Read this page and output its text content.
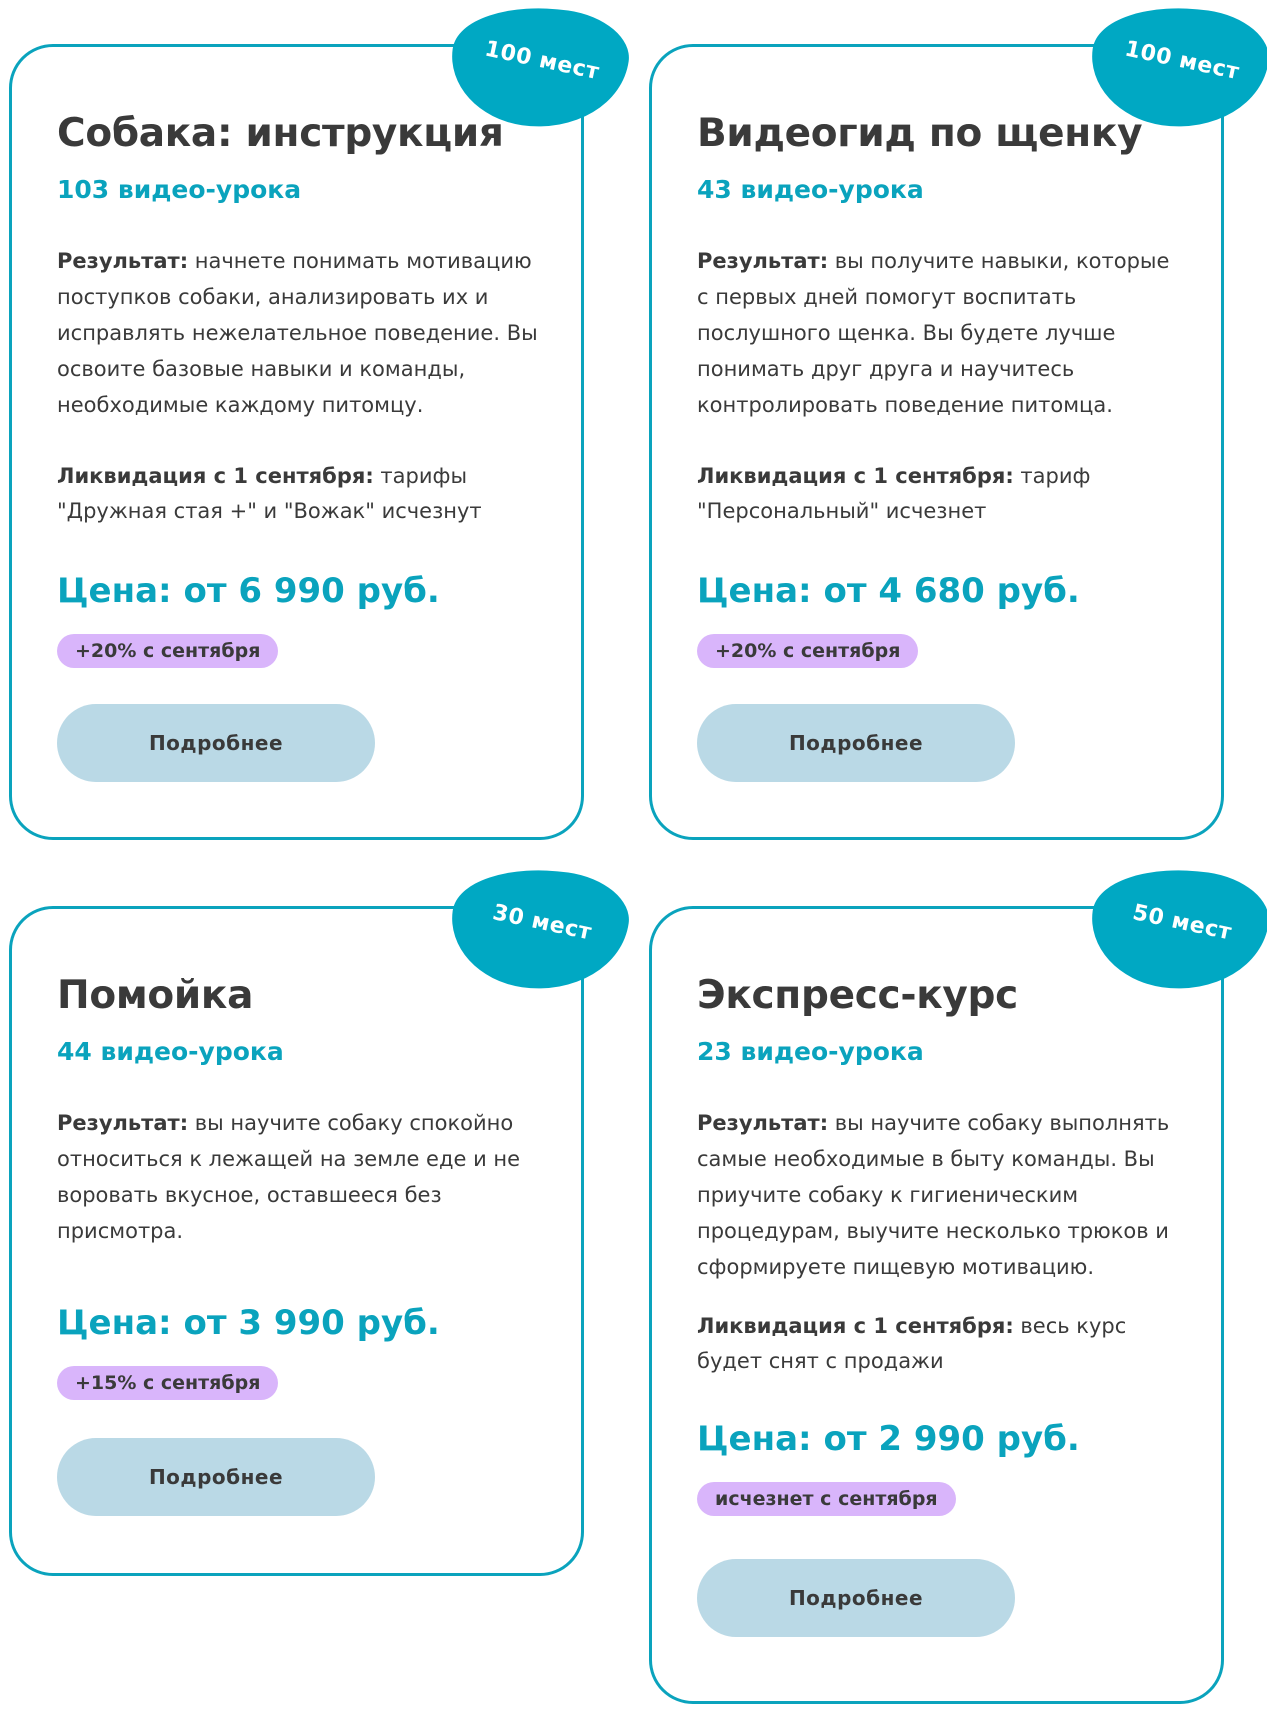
100 мест
Собака: инструкция
103 видео-урока
Результат: начнете понимать мотивацию поступков собаки, анализировать их и исправлять нежелательное поведение. Вы освоите базовые навыки и команды, необходимые каждому питомцу.
Ликвидация с 1 сентября: тарифы "Дружная стая +" и "Вожак" исчезнут
Цена: от 6 990 руб.
+20% с сентября
Подробнее
100 мест
Видеогид по щенку
43 видео-урока
Результат: вы получите навыки, которые с первых дней помогут воспитать послушного щенка. Вы будете лучше понимать друг друга и научитесь контролировать поведение питомца.
Ликвидация с 1 сентября: тариф "Персональный" исчезнет
Цена: от 4 680 руб.
+20% с сентября
Подробнее
30 мест
Помойка
44 видео-урока
Результат: вы научите собаку спокойно относиться к лежащей на земле еде и не воровать вкусное, оставшееся без присмотра.
Цена: от 3 990 руб.
+15% с сентября
Подробнее
50 мест
Экспресс-курс
23 видео-урока
Результат: вы научите собаку выполнять самые необходимые в быту команды. Вы приучите собаку к гигиеническим процедурам, выучите несколько трюков и сформируете пищевую мотивацию.
Ликвидация с 1 сентября: весь курс будет снят с продажи
Цена: от 2 990 руб.
исчезнет с сентября
Подробнее
